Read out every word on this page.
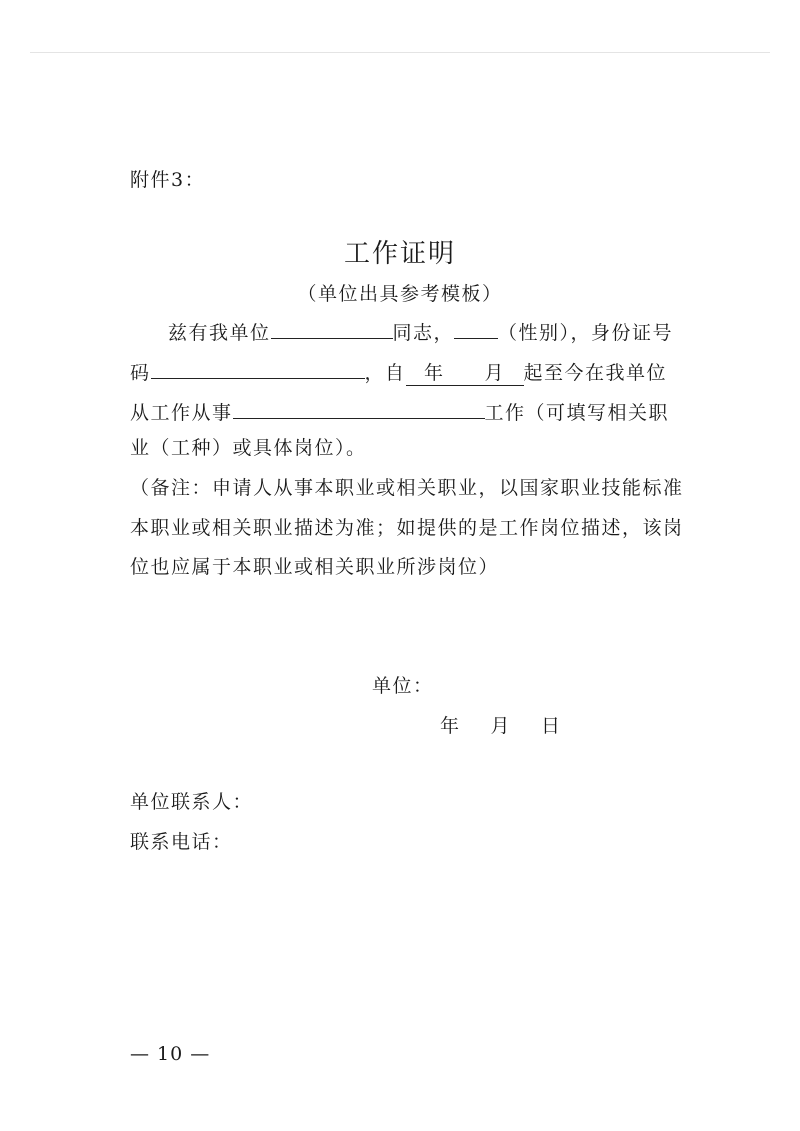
附件3：
工作证明
（单位出具参考模板）
兹有我单位	同志， （性别），身份证号
码	，自 年 月 起至今在我单位
从工作从事	工作（可填写相关职
业（工种）或具体岗位）。
（备注：申请人从事本职业或相关职业，以国家职业技能标准
本职业或相关职业描述为准；如提供的是工作岗位描述，该岗
位也应属于本职业或相关职业所涉岗位）
单位：
年 月 日
单位联系人：
联系电话：
— 10 —
